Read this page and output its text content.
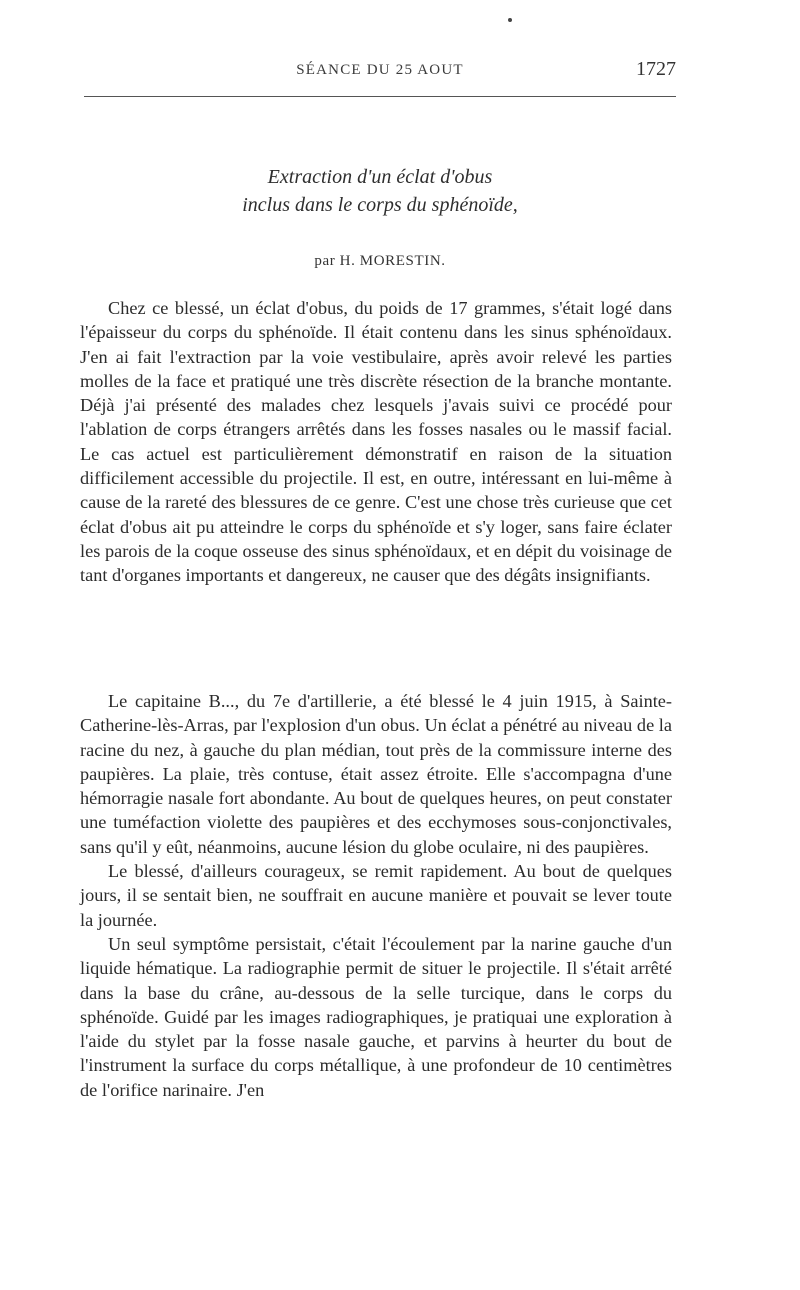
SÉANCE DU 25 AOUT	1727
Extraction d'un éclat d'obus
inclus dans le corps du sphénoïde,
par H. MORESTIN.

Chez ce blessé, un éclat d'obus, du poids de 17 grammes, s'était logé dans l'épaisseur du corps du sphénoïde. Il était contenu dans les sinus sphénoïdaux. J'en ai fait l'extraction par la voie vestibulaire, après avoir relevé les parties molles de la face et pratiqué une très discrète résection de la branche montante. Déjà j'ai présenté des malades chez lesquels j'avais suivi ce procédé pour l'ablation de corps étrangers arrêtés dans les fosses nasales ou le massif facial. Le cas actuel est particulièrement démonstratif en raison de la situation difficilement accessible du projectile. Il est, en outre, intéressant en lui-même à cause de la rareté des blessures de ce genre. C'est une chose très curieuse que cet éclat d'obus ait pu atteindre le corps du sphénoïde et s'y loger, sans faire éclater les parois de la coque osseuse des sinus sphénoïdaux, et en dépit du voisinage de tant d'organes importants et dangereux, ne causer que des dégâts insignifiants.

Le capitaine B..., du 7e d'artillerie, a été blessé le 4 juin 1915, à Sainte-Catherine-lès-Arras, par l'explosion d'un obus. Un éclat a pénétré au niveau de la racine du nez, à gauche du plan médian, tout près de la commissure interne des paupières. La plaie, très contuse, était assez étroite. Elle s'accompagna d'une hémorragie nasale fort abondante. Au bout de quelques heures, on peut constater une tuméfaction violette des paupières et des ecchymoses sous-conjonctivales, sans qu'il y eût, néanmoins, aucune lésion du globe oculaire, ni des paupières.

Le blessé, d'ailleurs courageux, se remit rapidement. Au bout de quelques jours, il se sentait bien, ne souffrait en aucune manière et pouvait se lever toute la journée.

Un seul symptôme persistait, c'était l'écoulement par la narine gauche d'un liquide hématique. La radiographie permit de situer le projectile. Il s'était arrêté dans la base du crâne, au-dessous de la selle turcique, dans le corps du sphénoïde. Guidé par les images radiographiques, je pratiquai une exploration à l'aide du stylet par la fosse nasale gauche, et parvins à heurter du bout de l'instrument la surface du corps métallique, à une profondeur de 10 centimètres de l'orifice narinaire. J'en
